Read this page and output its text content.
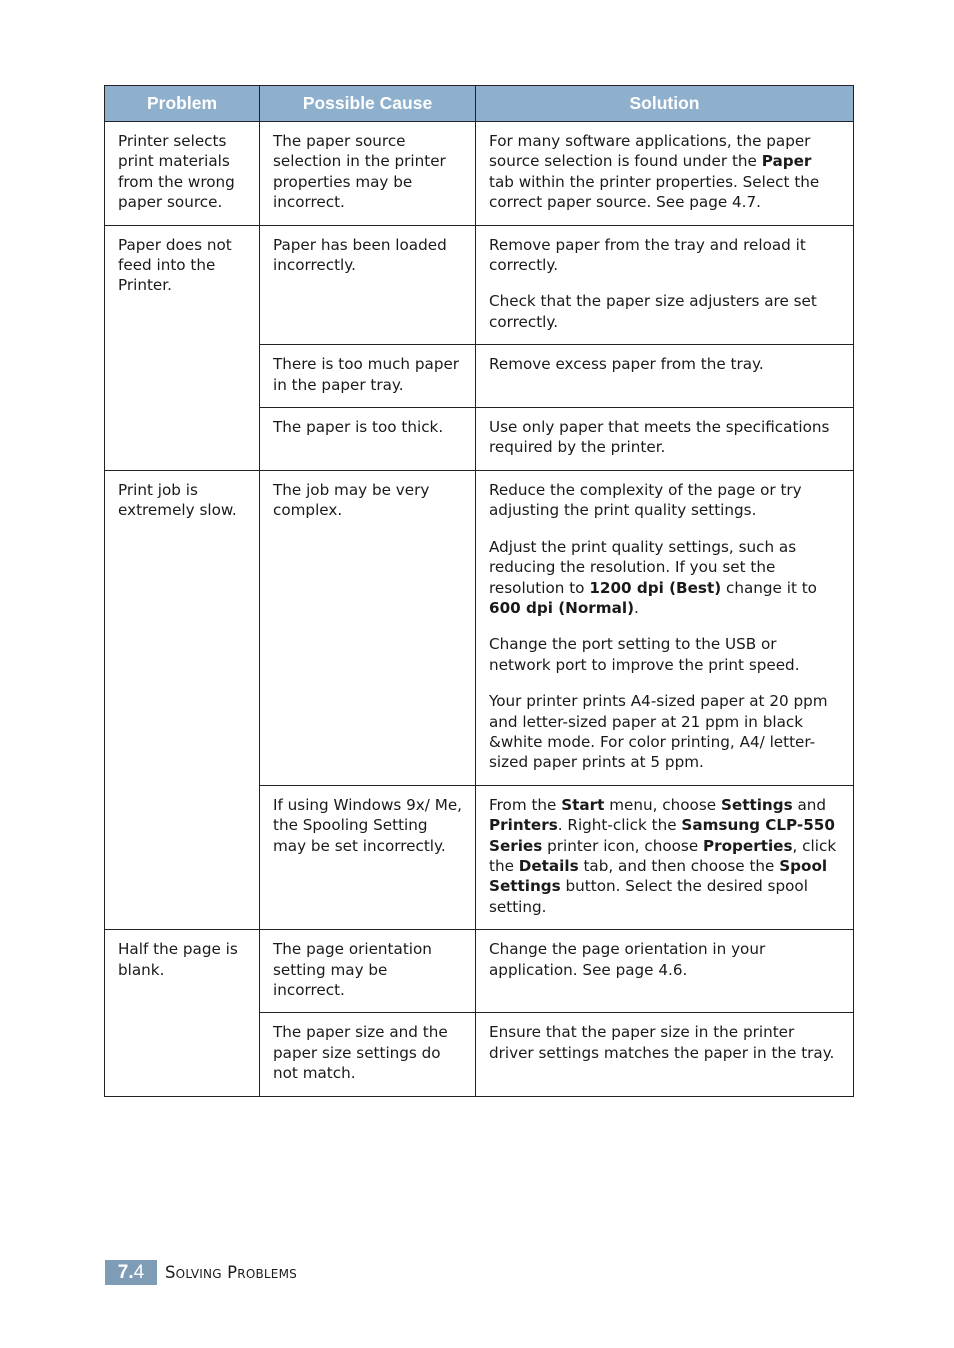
Problem	Possible Cause	Solution
Printer selects print materials from the wrong paper source.	The paper source selection in the printer properties may be incorrect.	For many software applications, the paper source selection is found under the Paper tab within the printer properties. Select the correct paper source. See page 4.7.

Paper does not feed into the Printer.	Paper has been loaded incorrectly.	Remove paper from the tray and reload it correctly.

Check that the paper size adjusters are set correctly.

	There is too much paper in the paper tray.	Remove excess paper from the tray.
	The paper is too thick.	Use only paper that meets the specifications required by the printer.
Print job is extremely slow.	The job may be very complex.	Reduce the complexity of the page or try adjusting the print quality settings.

Adjust the print quality settings, such as reducing the resolution. If you set the resolution to 1200 dpi (Best) change it to 600 dpi (Normal).

Change the port setting to the USB or network port to improve the print speed.

Your printer prints A4-sized paper at 20 ppm and letter-sized paper at 21 ppm in black &white mode. For color printing, A4/ letter-sized paper prints at 5 ppm.

	If using Windows 9x/ Me, the Spooling Setting may be set incorrectly.	From the Start menu, choose Settings and Printers. Right-click the Samsung CLP-550 Series printer icon, choose Properties, click the Details tab, and then choose the Spool Settings button. Select the desired spool setting.

Half the page is blank.	The page orientation setting may be incorrect.	Change the page orientation in your application. See page 4.6.
	The paper size and the paper size settings do not match.	Ensure that the paper size in the printer driver settings matches the paper in the tray.
7. 4 Solving Problems
